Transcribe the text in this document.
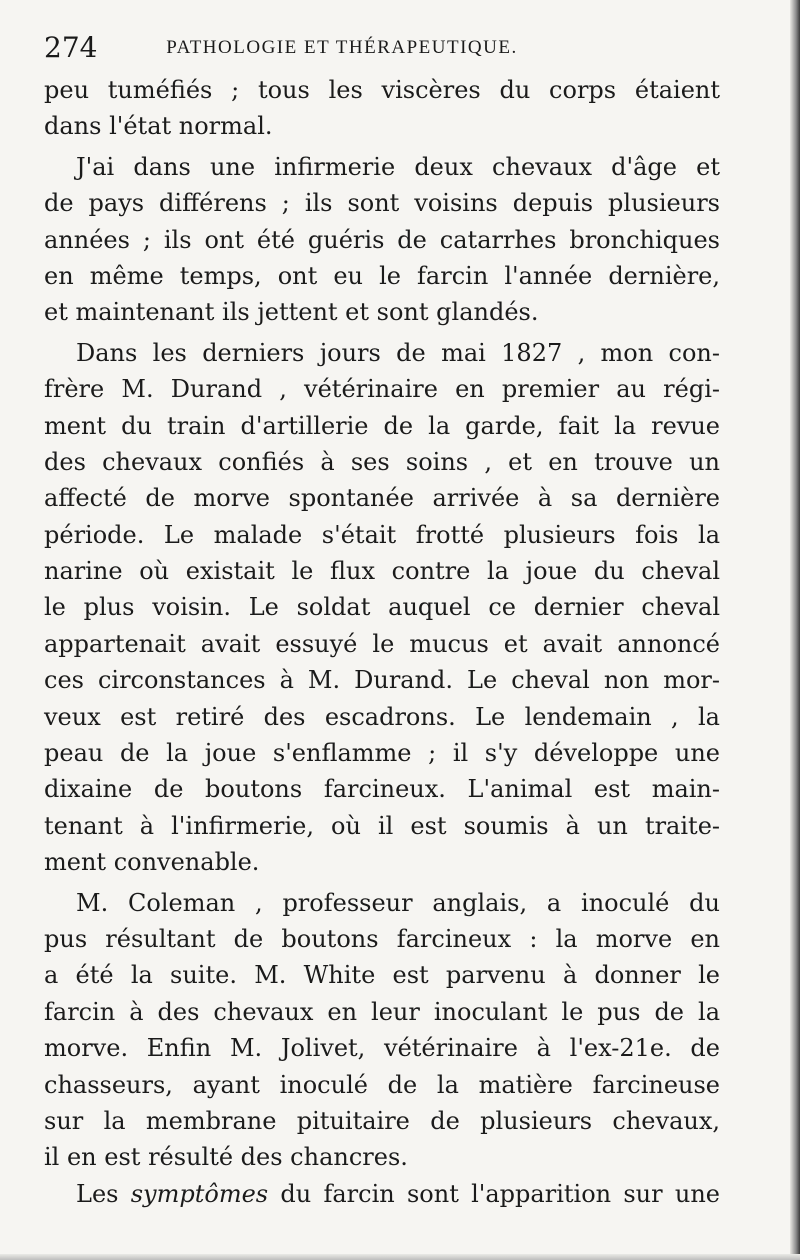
274	PATHOLOGIE ET THÉRAPEUTIQUE.
peu tuméfiés ; tous les viscères du corps étaient
dans l'état normal.
J'ai dans une infirmerie deux chevaux d'âge et
de pays différens ; ils sont voisins depuis plusieurs
années ; ils ont été guéris de catarrhes bronchiques
en même temps, ont eu le farcin l'année dernière,
et maintenant ils jettent et sont glandés.
Dans les derniers jours de mai 1827 , mon con-
frère M. Durand , vétérinaire en premier au régi-
ment du train d'artillerie de la garde, fait la revue
des chevaux confiés à ses soins , et en trouve un
affecté de morve spontanée arrivée à sa dernière
période. Le malade s'était frotté plusieurs fois la
narine où existait le flux contre la joue du cheval
le plus voisin. Le soldat auquel ce dernier cheval
appartenait avait essuyé le mucus et avait annoncé
ces circonstances à M. Durand. Le cheval non mor-
veux est retiré des escadrons. Le lendemain , la
peau de la joue s'enflamme ; il s'y développe une
dixaine de boutons farcineux. L'animal est main-
tenant à l'infirmerie, où il est soumis à un traite-
ment convenable.
M. Coleman , professeur anglais, a inoculé du
pus résultant de boutons farcineux : la morve en
a été la suite. M. White est parvenu à donner le
farcin à des chevaux en leur inoculant le pus de la
morve. Enfin M. Jolivet, vétérinaire à l'ex-21e. de
chasseurs, ayant inoculé de la matière farcineuse
sur la membrane pituitaire de plusieurs chevaux,
il en est résulté des chancres.
Les symptômes du farcin sont l'apparition sur une
